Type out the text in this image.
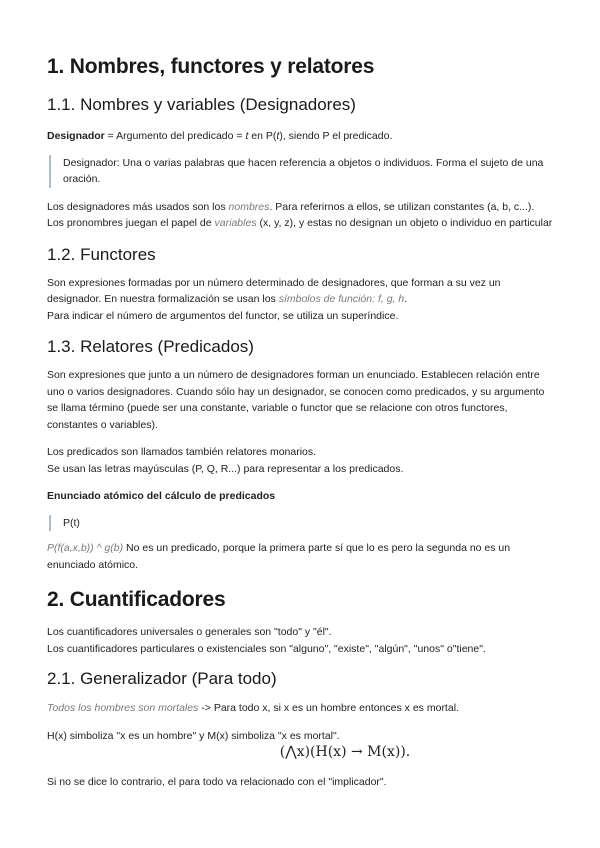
1. Nombres, functores y relatores
1.1. Nombres y variables (Designadores)

Designador = Argumento del predicado = t en P(t), siendo P el predicado.

Designador: Una o varias palabras que hacen referencia a objetos o individuos. Forma el sujeto de una oración.

Los designadores más usados son los nombres. Para referirnos a ellos, se utilizan constantes (a, b, c...).
Los pronombres juegan el papel de variables (x, y, z), y estas no designan un objeto o individuo en particular

1.2. Functores

Son expresiones formadas por un número determinado de designadores, que forman a su vez un designador. En nuestra formalización se usan los símbolos de función: f, g, h.
Para indicar el número de argumentos del functor, se utiliza un superíndice.

1.3. Relatores (Predicados)

Son expresiones que junto a un número de designadores forman un enunciado. Establecen relación entre uno o varios designadores. Cuando sólo hay un designador, se conocen como predicados, y su argumento se llama término (puede ser una constante, variable o functor que se relacione con otros functores, constantes o variables).

Los predicados son llamados también relatores monarios.
Se usan las letras mayúsculas (P, Q, R...) para representar a los predicados.

Enunciado atómico del cálculo de predicados

P(t)

P(f(a,x,b)) ^ g(b) No es un predicado, porque la primera parte sí que lo es pero la segunda no es un enunciado atómico.

2. Cuantificadores

Los cuantificadores universales o generales son "todo" y "él".
Los cuantificadores particulares o existenciales son "alguno", "existe", "algún", "unos" o"tiene".

2.1. Generalizador (Para todo)

Todos los hombres son mortales -> Para todo x, si x es un hombre entonces x es mortal.

H(x) simboliza "x es un hombre" y M(x) simboliza "x es mortal".

(⋀x)(H(x) → M(x)).

Si no se dice lo contrario, el para todo va relacionado con el "implicador".
